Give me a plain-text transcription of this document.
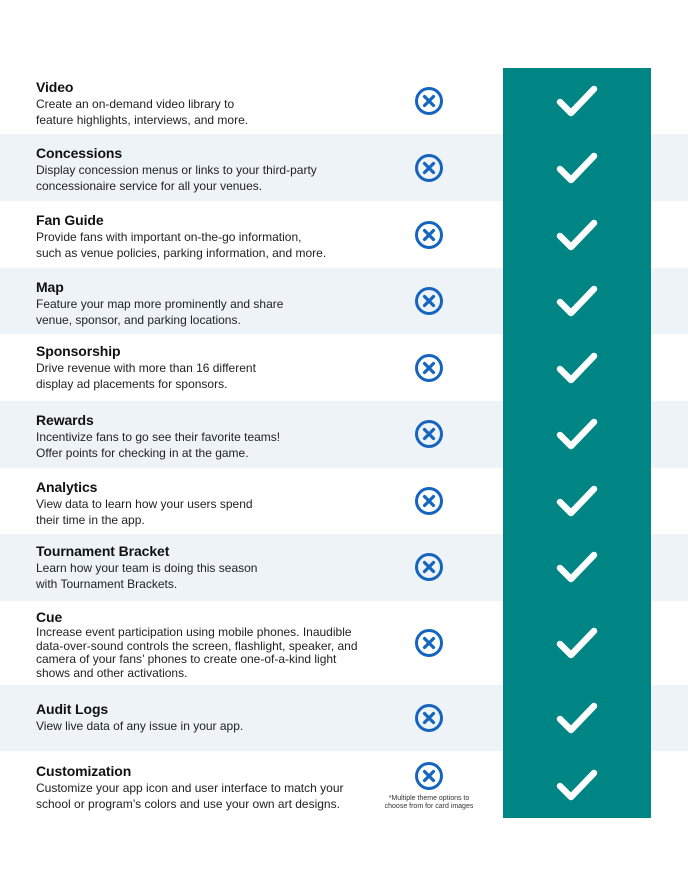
Video
Create an on-demand video library to
feature highlights, interviews, and more.
Concessions
Display concession menus or links to your third-party
concessionaire service for all your venues.
Fan Guide
Provide fans with important on-the-go information,
such as venue policies, parking information, and more.
Map
Feature your map more prominently and share
venue, sponsor, and parking locations.
Sponsorship
Drive revenue with more than 16 different
display ad placements for sponsors.
Rewards
Incentivize fans to go see their favorite teams!
Offer points for checking in at the game.
Analytics
View data to learn how your users spend
their time in the app.
Tournament Bracket
Learn how your team is doing this season
with Tournament Brackets.
Cue
Increase event participation using mobile phones. Inaudible
data-over-sound controls the screen, flashlight, speaker, and
camera of your fans’ phones to create one-of-a-kind light
shows and other activations.
Audit Logs
View live data of any issue in your app.
Customization
Customize your app icon and user interface to match your
school or program’s colors and use your own art designs.	*Multiple theme options to
choose from for card images
